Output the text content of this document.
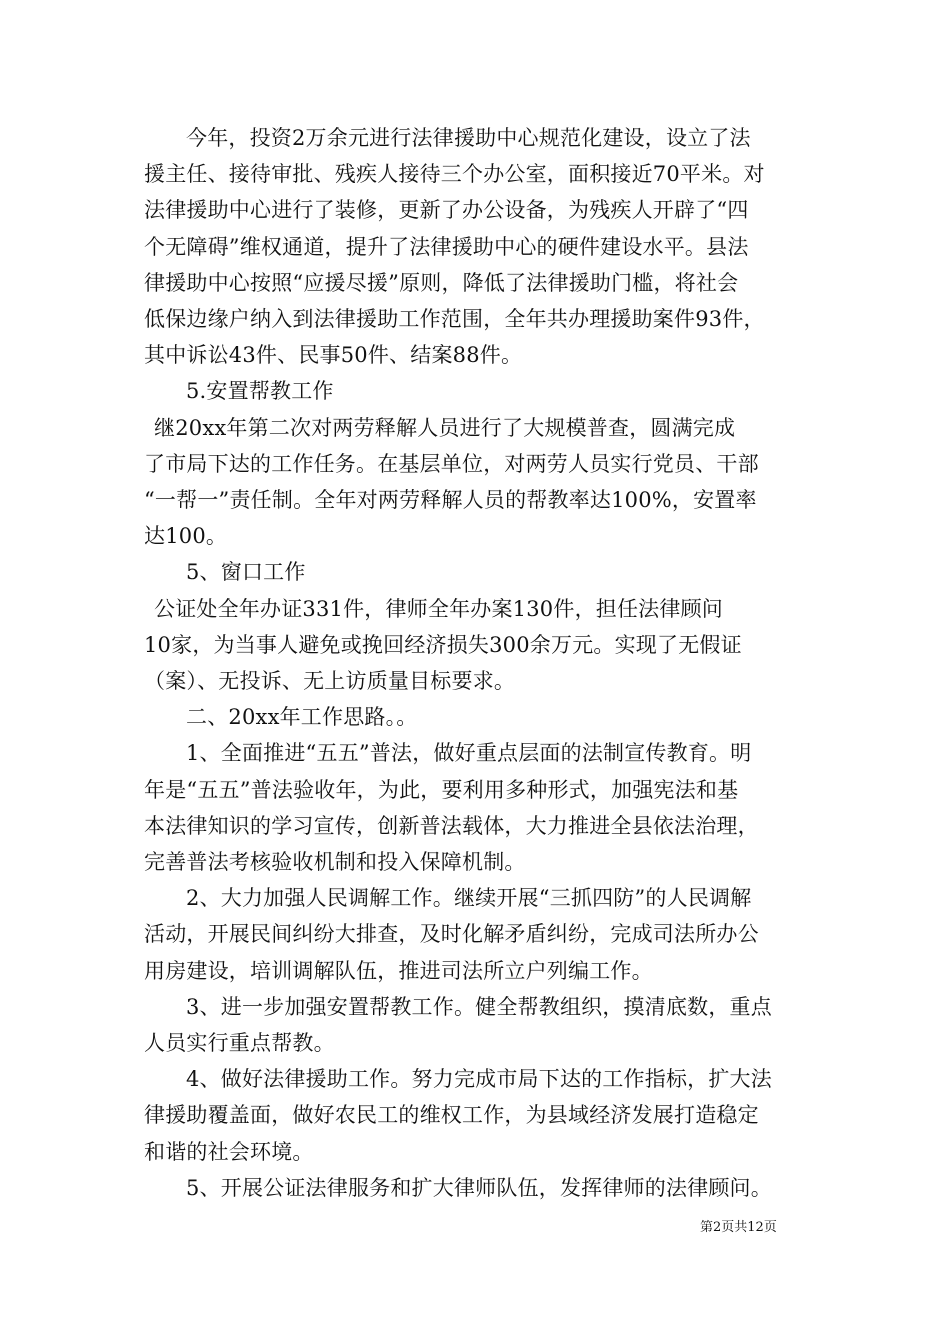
今年，投资2万余元进行法律援助中心规范化建设，设立了法
援主任、接待审批、残疾人接待三个办公室，面积接近70平米。对
法律援助中心进行了装修，更新了办公设备，为残疾人开辟了“四
个无障碍”维权通道，提升了法律援助中心的硬件建设水平。县法
律援助中心按照“应援尽援”原则，降低了法律援助门槛，将社会
低保边缘户纳入到法律援助工作范围，全年共办理援助案件93件，
其中诉讼43件、民事50件、结案88件。

5.安置帮教工作

继20xx年第二次对两劳释解人员进行了大规模普查，圆满完成
了市局下达的工作任务。在基层单位，对两劳人员实行党员、干部
“一帮一”责任制。全年对两劳释解人员的帮教率达100%，安置率
达100。

5、窗口工作

公证处全年办证331件，律师全年办案130件，担任法律顾问
10家，为当事人避免或挽回经济损失300余万元。实现了无假证
（案）、无投诉、无上访质量目标要求。

二、20xx年工作思路。。

1、全面推进“五五”普法，做好重点层面的法制宣传教育。明
年是“五五”普法验收年，为此，要利用多种形式，加强宪法和基
本法律知识的学习宣传，创新普法载体，大力推进全县依法治理，
完善普法考核验收机制和投入保障机制。

2、大力加强人民调解工作。继续开展“三抓四防”的人民调解
活动，开展民间纠纷大排查，及时化解矛盾纠纷，完成司法所办公
用房建设，培训调解队伍，推进司法所立户列编工作。

3、进一步加强安置帮教工作。健全帮教组织，摸清底数，重点
人员实行重点帮教。

4、做好法律援助工作。努力完成市局下达的工作指标，扩大法
律援助覆盖面，做好农民工的维权工作，为县域经济发展打造稳定
和谐的社会环境。

5、开展公证法律服务和扩大律师队伍，发挥律师的法律顾问。

第2页共12页
